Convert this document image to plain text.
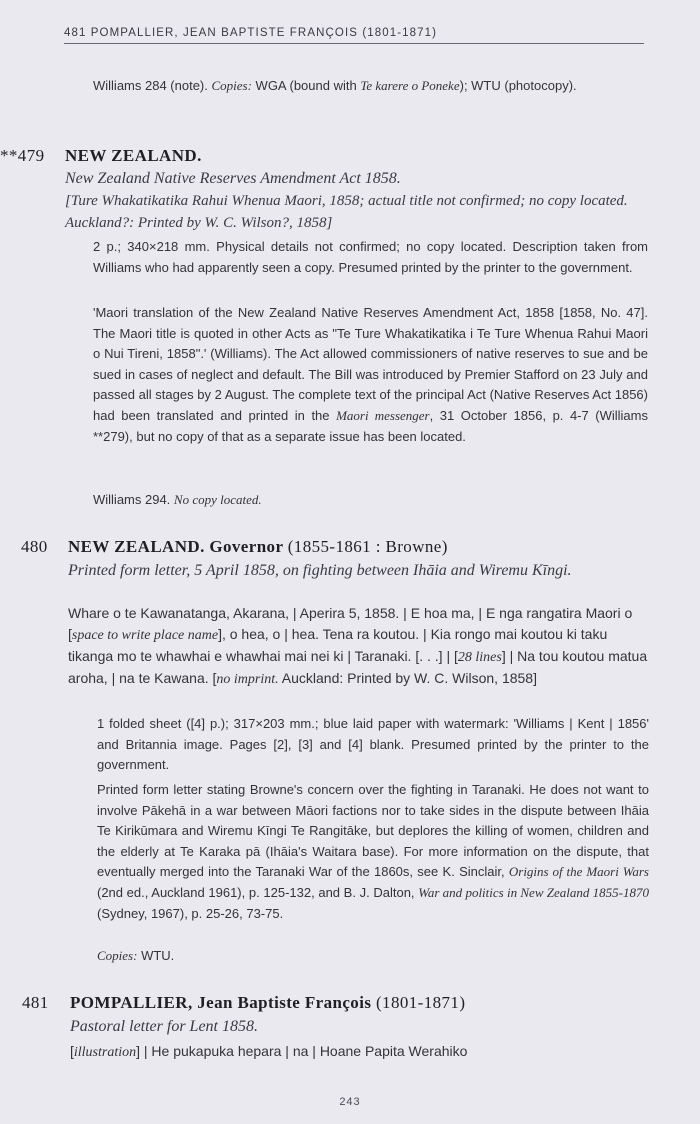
481 POMPALLIER, JEAN BAPTISTE FRANÇOIS (1801-1871)
Williams 284 (note). Copies: WGA (bound with Te karere o Poneke); WTU (photocopy).
**479 NEW ZEALAND.
New Zealand Native Reserves Amendment Act 1858.
[Ture Whakatikatika Rahui Whenua Maori, 1858; actual title not confirmed; no copy located. Auckland?: Printed by W. C. Wilson?, 1858]
2 p.; 340×218 mm. Physical details not confirmed; no copy located. Description taken from Williams who had apparently seen a copy. Presumed printed by the printer to the government.
'Maori translation of the New Zealand Native Reserves Amendment Act, 1858 [1858, No. 47]. The Maori title is quoted in other Acts as "Te Ture Whakatikatika i Te Ture Whenua Rahui Maori o Nui Tireni, 1858".' (Williams). The Act allowed commissioners of native reserves to sue and be sued in cases of neglect and default. The Bill was introduced by Premier Stafford on 23 July and passed all stages by 2 August. The complete text of the principal Act (Native Reserves Act 1856) had been translated and printed in the Maori messenger, 31 October 1856, p. 4-7 (Williams **279), but no copy of that as a separate issue has been located.
Williams 294. No copy located.
480 NEW ZEALAND. Governor (1855-1861 : Browne)
Printed form letter, 5 April 1858, on fighting between Ihāia and Wiremu Kīngi.
Whare o te Kawanatanga, Akarana, | Aperira 5, 1858. | E hoa ma, | E nga rangatira Maori o [space to write place name], o hea, o | hea. Tena ra koutou. | Kia rongo mai koutou ki taku tikanga mo te whawhai e whawhai mai nei ki | Taranaki. [. . .] | [28 lines] | Na tou koutou matua aroha, | na te Kawana. [no imprint. Auckland: Printed by W. C. Wilson, 1858]
1 folded sheet ([4] p.); 317×203 mm.; blue laid paper with watermark: 'Williams | Kent | 1856' and Britannia image. Pages [2], [3] and [4] blank. Presumed printed by the printer to the government.
Printed form letter stating Browne's concern over the fighting in Taranaki. He does not want to involve Pākehā in a war between Māori factions nor to take sides in the dispute between Ihāia Te Kirikūmara and Wiremu Kīngi Te Rangitāke, but deplores the killing of women, children and the elderly at Te Karaka pā (Ihāia's Waitara base). For more information on the dispute, that eventually merged into the Taranaki War of the 1860s, see K. Sinclair, Origins of the Maori Wars (2nd ed., Auckland 1961), p. 125-132, and B. J. Dalton, War and politics in New Zealand 1855-1870 (Sydney, 1967), p. 25-26, 73-75.
Copies: WTU.
481 POMPALLIER, Jean Baptiste François (1801-1871)
Pastoral letter for Lent 1858.
[illustration] | He pukapuka hepara | na | Hoane Papita Werahiko
243
